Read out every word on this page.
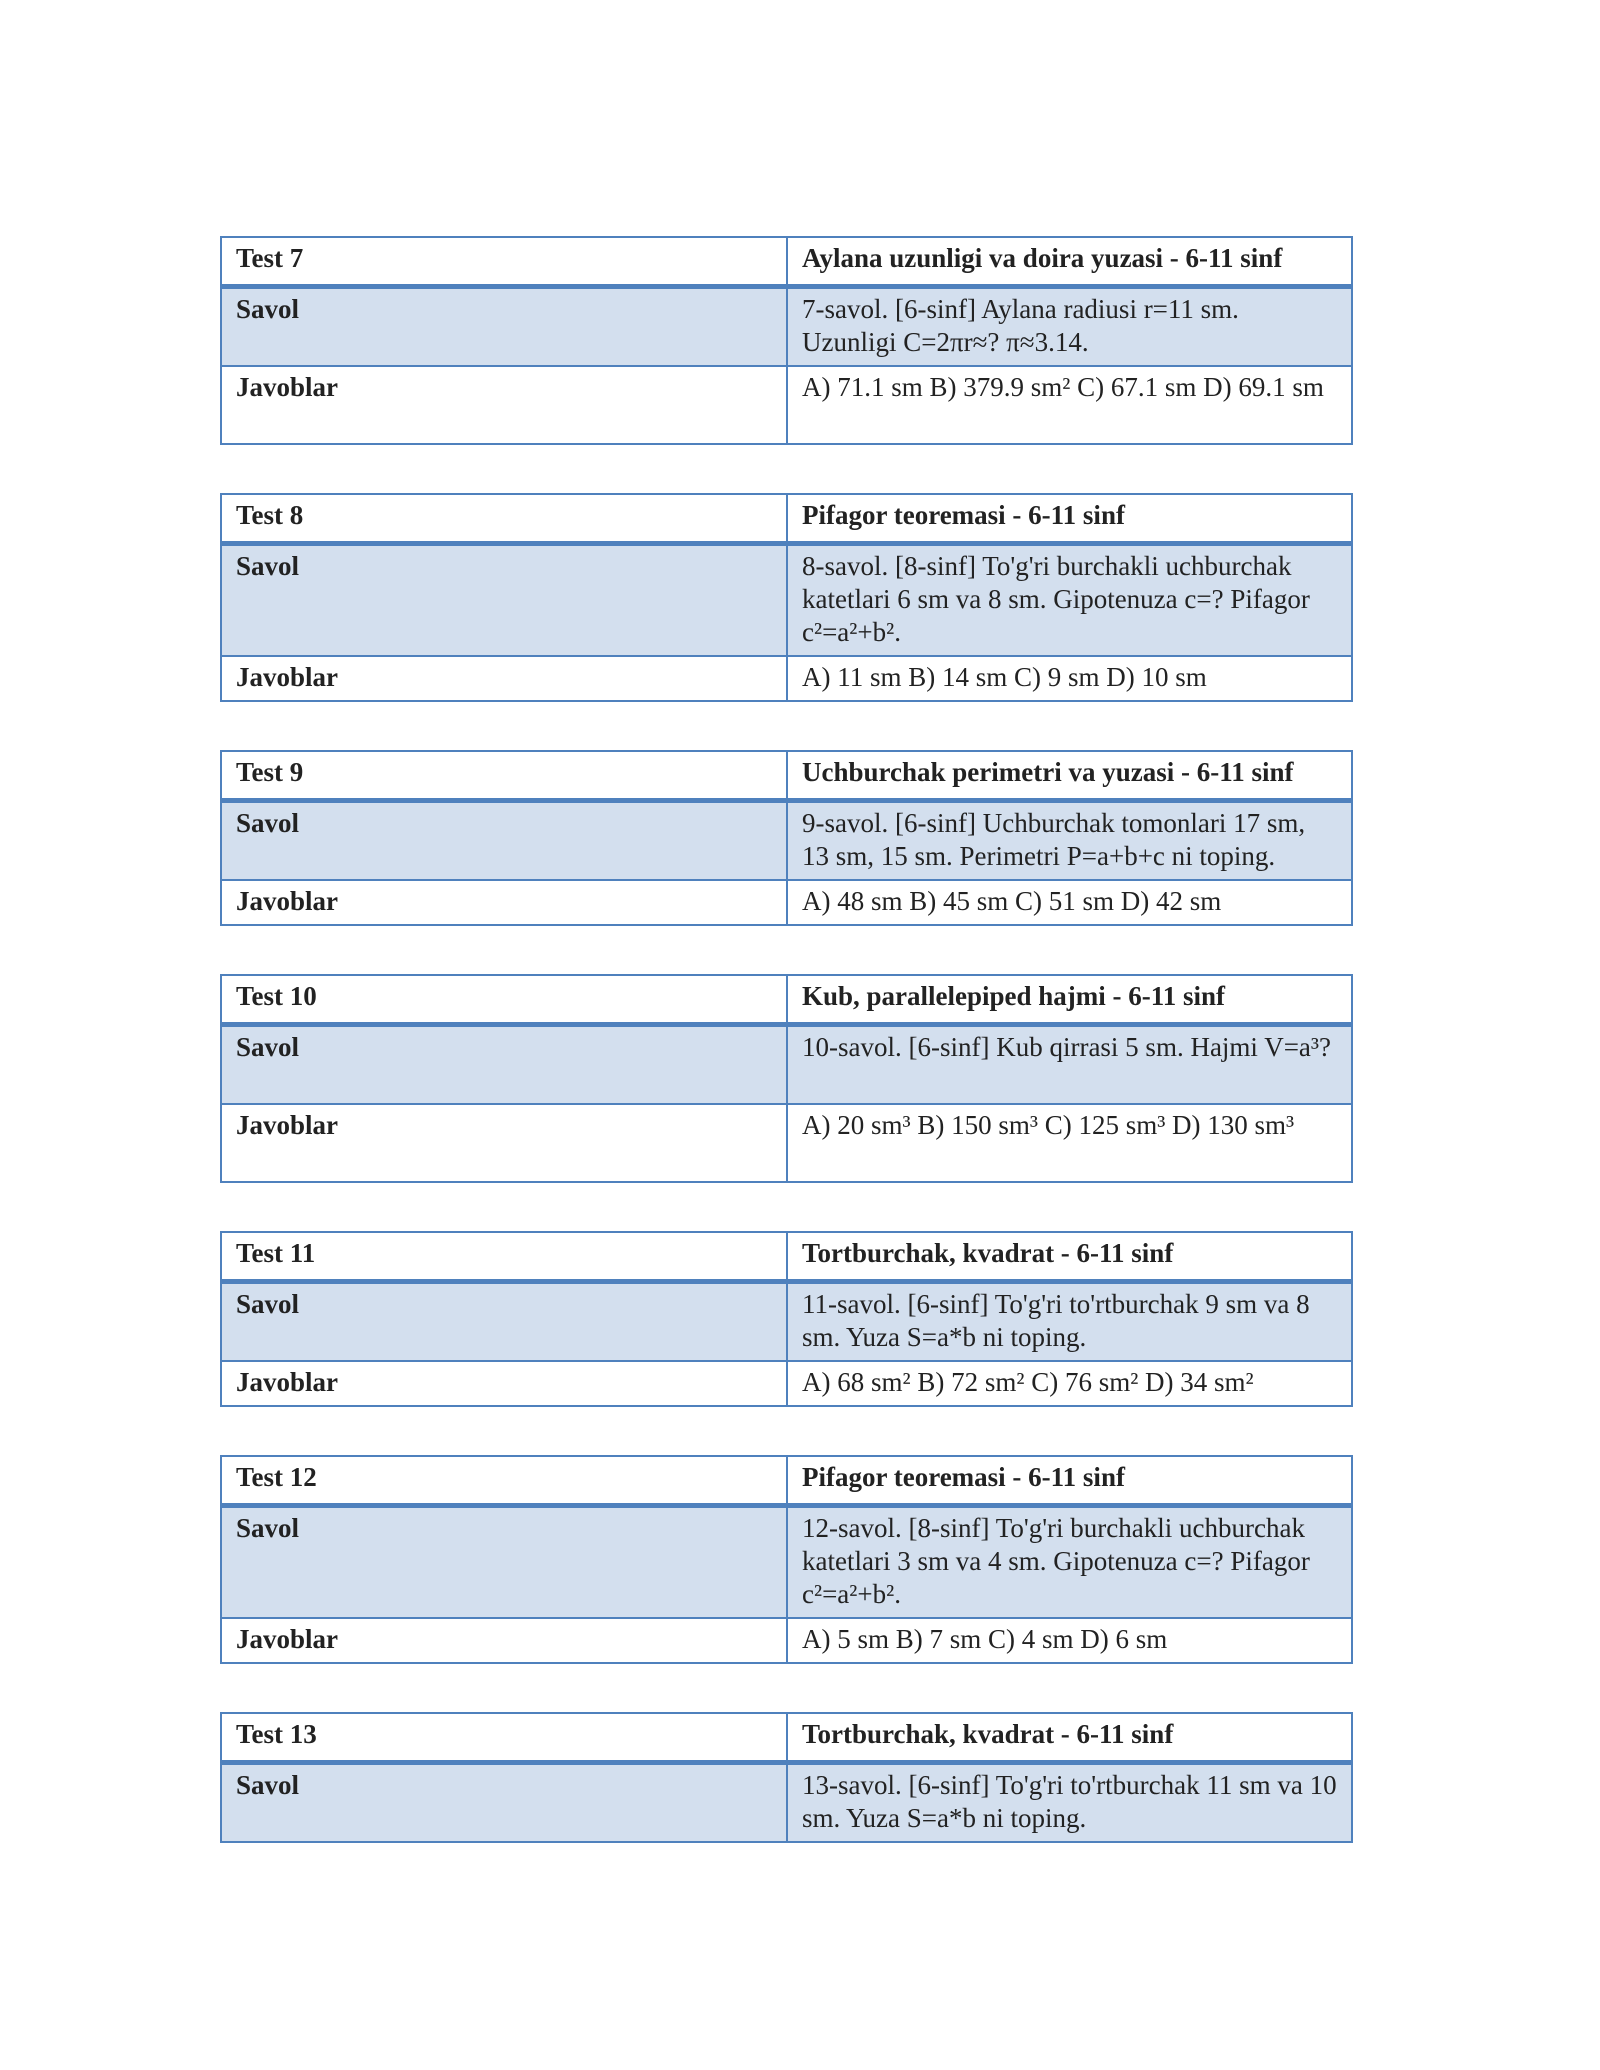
Test 7	Aylana uzunligi va doira yuzasi - 6-11 sinf
Savol	7-savol. [6-sinf] Aylana radiusi r=11 sm. Uzunligi C=2πr≈? π≈3.14.
Javoblar	A) 71.1 sm B) 379.9 sm² C) 67.1 sm D) 69.1 sm
Test 8	Pifagor teoremasi - 6-11 sinf
Savol	8-savol. [8-sinf] To'g'ri burchakli uchburchak katetlari 6 sm va 8 sm. Gipotenuza c=? Pifagor c²=a²+b².
Javoblar	A) 11 sm B) 14 sm C) 9 sm D) 10 sm
Test 9	Uchburchak perimetri va yuzasi - 6-11 sinf
Savol	9-savol. [6-sinf] Uchburchak tomonlari 17 sm, 13 sm, 15 sm. Perimetri P=a+b+c ni toping.
Javoblar	A) 48 sm B) 45 sm C) 51 sm D) 42 sm
Test 10	Kub, parallelepiped hajmi - 6-11 sinf
Savol	10-savol. [6-sinf] Kub qirrasi 5 sm. Hajmi V=a³?
Javoblar	A) 20 sm³ B) 150 sm³ C) 125 sm³ D) 130 sm³
Test 11	Tortburchak, kvadrat - 6-11 sinf
Savol	11-savol. [6-sinf] To'g'ri to'rtburchak 9 sm va 8 sm. Yuza S=a*b ni toping.
Javoblar	A) 68 sm² B) 72 sm² C) 76 sm² D) 34 sm²
Test 12	Pifagor teoremasi - 6-11 sinf
Savol	12-savol. [8-sinf] To'g'ri burchakli uchburchak katetlari 3 sm va 4 sm. Gipotenuza c=? Pifagor c²=a²+b².
Javoblar	A) 5 sm B) 7 sm C) 4 sm D) 6 sm
Test 13	Tortburchak, kvadrat - 6-11 sinf
Savol	13-savol. [6-sinf] To'g'ri to'rtburchak 11 sm va 10 sm. Yuza S=a*b ni toping.
